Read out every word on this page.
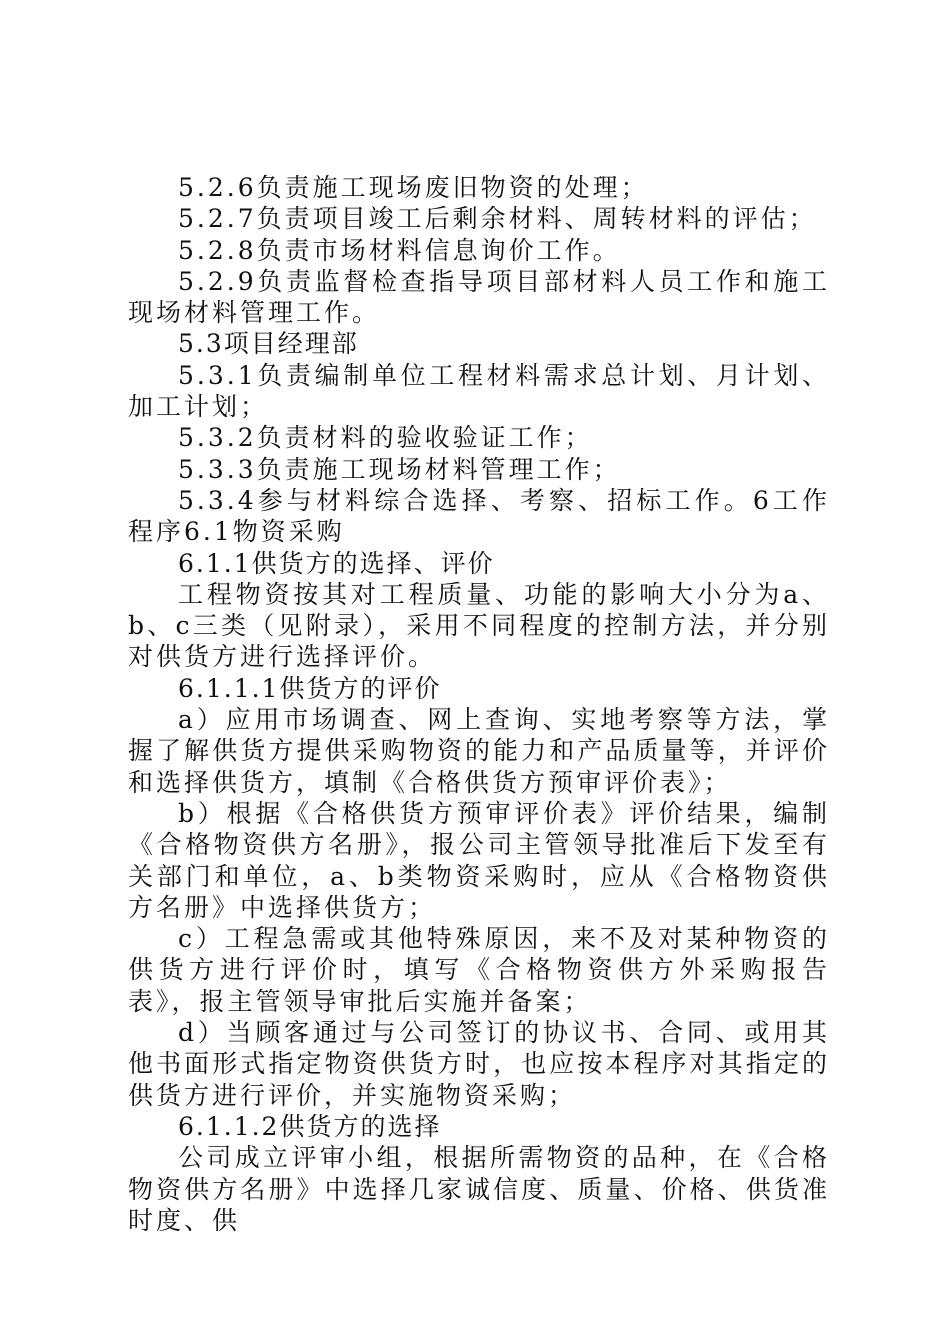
5.2.6负责施工现场废旧物资的处理；

5.2.7负责项目竣工后剩余材料、周转材料的评估；

5.2.8负责市场材料信息询价工作。

5.2.9负责监督检查指导项目部材料人员工作和施工现场材料管理工作。

5.3项目经理部

5.3.1负责编制单位工程材料需求总计划、月计划、加工计划；

5.3.2负责材料的验收验证工作；

5.3.3负责施工现场材料管理工作；

5.3.4参与材料综合选择、考察、招标工作。6工作程序6.1物资采购

6.1.1供货方的选择、评价

工程物资按其对工程质量、功能的影响大小分为a、b、c三类（见附录），采用不同程度的控制方法，并分别对供货方进行选择评价。

6.1.1.1供货方的评价

a）应用市场调查、网上查询、实地考察等方法，掌握了解供货方提供采购物资的能力和产品质量等，并评价和选择供货方，填制《合格供货方预审评价表》；

b）根据《合格供货方预审评价表》评价结果，编制《合格物资供方名册》，报公司主管领导批准后下发至有关部门和单位，a、b类物资采购时，应从《合格物资供方名册》中选择供货方；

c）工程急需或其他特殊原因，来不及对某种物资的供货方进行评价时，填写《合格物资供方外采购报告表》，报主管领导审批后实施并备案；

d）当顾客通过与公司签订的协议书、合同、或用其他书面形式指定物资供货方时，也应按本程序对其指定的供货方进行评价，并实施物资采购；

6.1.1.2供货方的选择

公司成立评审小组，根据所需物资的品种，在《合格物资供方名册》中选择几家诚信度、质量、价格、供货准时度、供
